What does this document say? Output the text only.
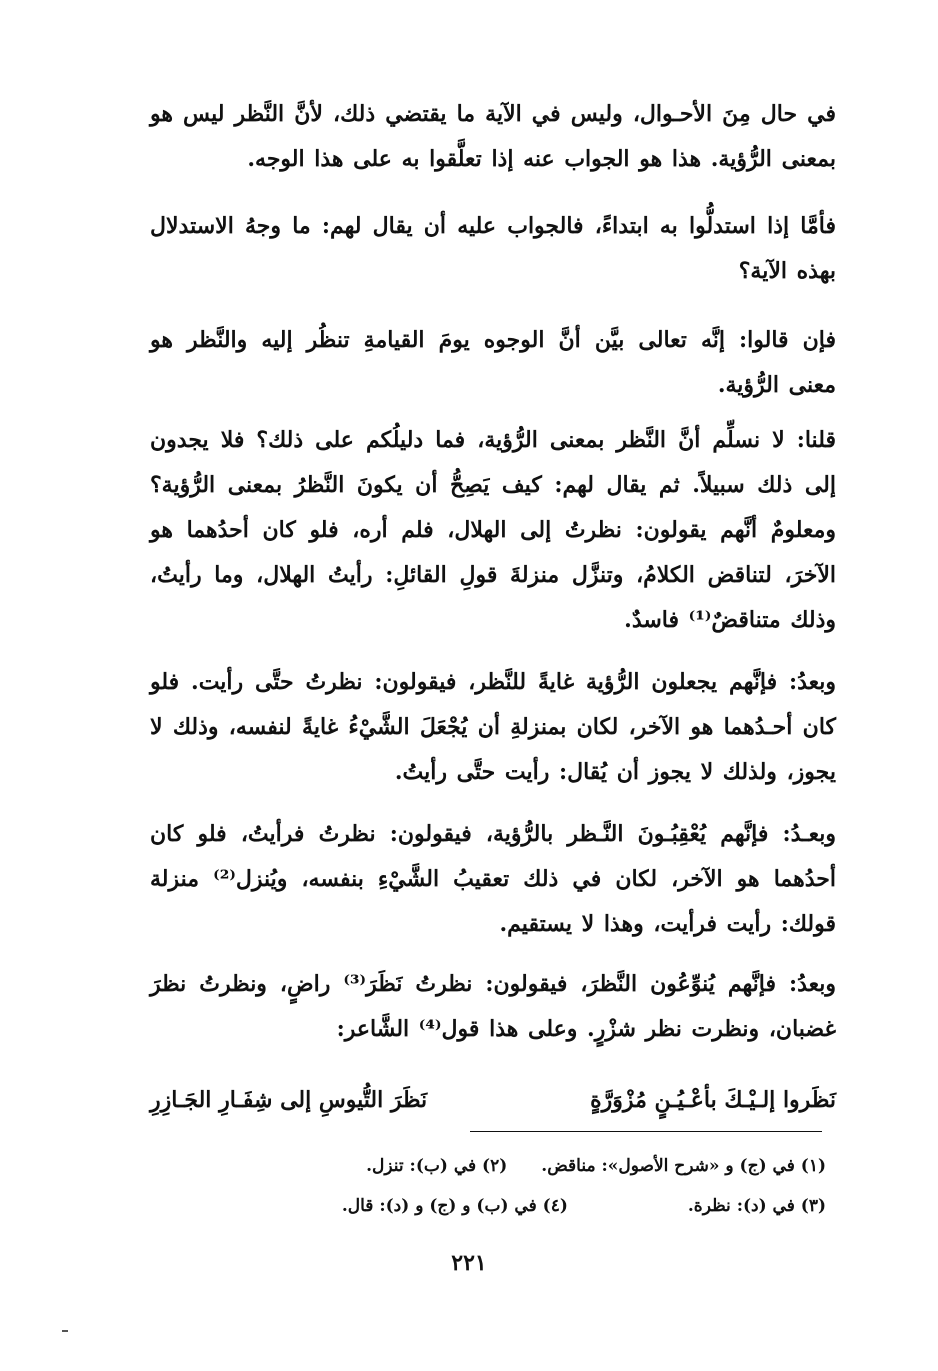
في حال مِنَ الأحـوال، وليس في الآية ما يقتضي ذلك، لأنَّ النَّظر ليس هو بمعنى الرُّؤية. هذا هو الجواب عنه إذا تعلَّقوا به على هذا الوجه.

فأمَّا إذا استدلُّوا به ابتداءً، فالجواب عليه أن يقال لهم: ما وجهُ الاستدلال بهذه الآية؟

فإن قالوا: إنَّه تعالى بيَّن أنَّ الوجوه يومَ القيامةِ تنظُر إليه والنَّظر هو معنى الرُّؤية.

قلنا: لا نسلِّم أنَّ النَّظر بمعنى الرُّؤية، فما دليلُكم على ذلك؟ فلا يجدون إلى ذلك سبيلاً. ثم يقال لهم: كيف يَصِحُّ أن يكونَ النَّظرُ بمعنى الرُّؤية؟ ومعلومٌ أنَّهم يقولون: نظرتُ إلى الهلال، فلم أره، فلو كان أحدُهما هو الآخرَ، لتناقض الكلامُ، وتنزَّل منزلةَ قولِ القائلِ: رأيتُ الهلال، وما رأيتُ، وذلك متناقضٌ⁽¹⁾ فاسدٌ.

وبعدُ: فإنَّهم يجعلون الرُّؤية غايةً للنَّظر، فيقولون: نظرتُ حتَّى رأيت. فلو كان أحـدُهما هو الآخر، لكان بمنزلةِ أن يُجْعَلَ الشَّيْءُ غايةً لنفسه، وذلك لا يجوز، ولذلك لا يجوز أن يُقال: رأيت حتَّى رأيتُ.

وبعـدُ: فإنَّهم يُعْقِبُـونَ النَّـظر بالرُّؤية، فيقولون: نظرتُ فرأيتُ، فلو كان أحدُهما هو الآخر، لكان في ذلك تعقيبُ الشَّيْءِ بنفسه، ويُنزل⁽²⁾ منزلة قولك: رأيت فرأيت، وهذا لا يستقيم.

وبعدُ: فإنَّهم يُنوِّعُون النَّظرَ، فيقولون: نظرتُ نَظَرَ⁽³⁾ راضٍ، ونظرتُ نظرَ غضبان، ونظرت نظر شزْرٍ. وعلى هذا قول⁽⁴⁾ الشَّاعر:

نَظَروا إلـيْـكَ بأعْـيُـنٍ مُزْوَرَّةٍ
نَظَرَ التُّيوسِ إلى شِفَـارِ الجَـازِرِ
(١) في (ج) و «شرح الأصول»: مناقض.
(٢) في (ب): تنزل.
(٣) في (د): نظرة.
(٤) في (ب) و (ج) و (د): قال.
٢٢١
